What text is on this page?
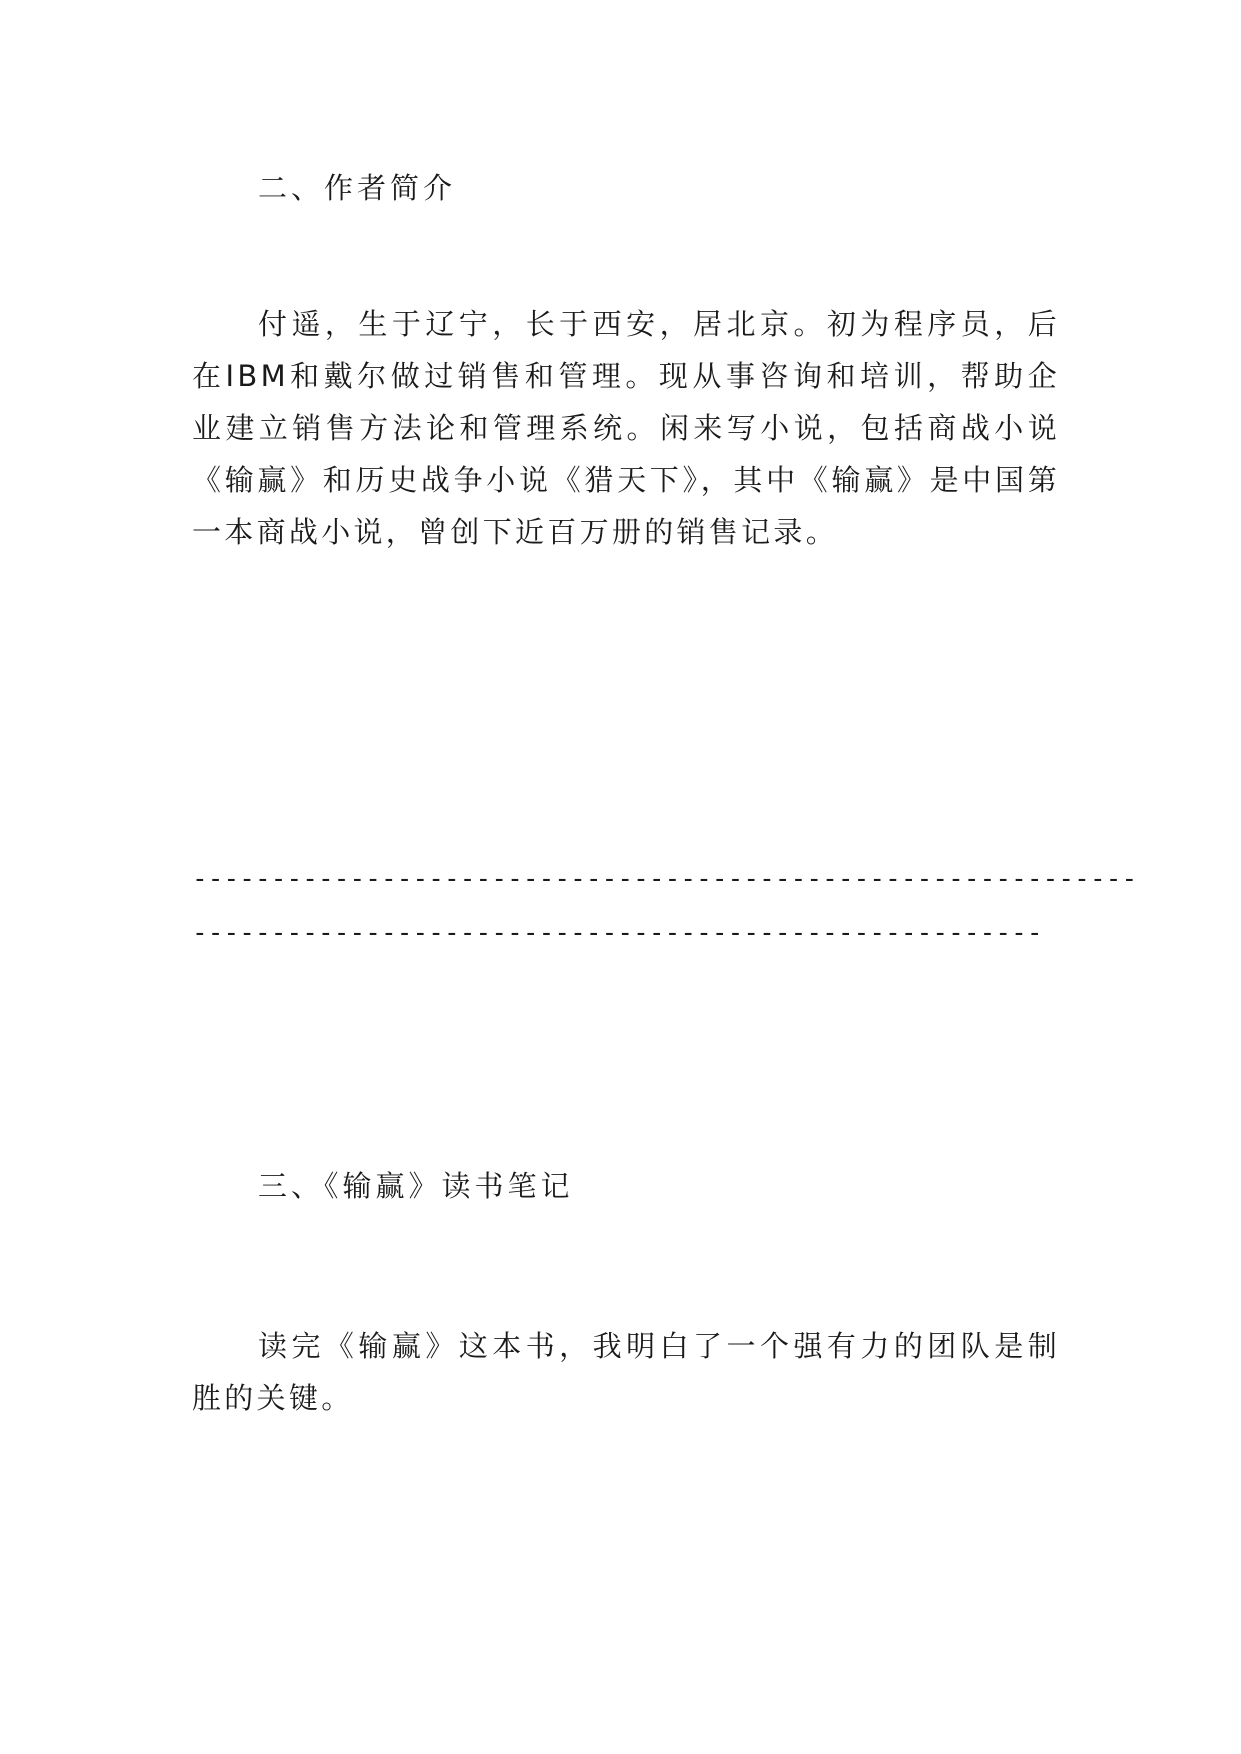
二、作者简介

付遥，生于辽宁，长于西安，居北京。初为程序员，后在IBM和戴尔做过销售和管理。现从事咨询和培训，帮助企业建立销售方法论和管理系统。闲来写小说，包括商战小说《输赢》和历史战争小说《猎天下》，其中《输赢》是中国第一本商战小说，曾创下近百万册的销售记录。

------------------------------------------------------------
------------------------------------------------------
三、《输赢》读书笔记

读完《输赢》这本书，我明白了一个强有力的团队是制胜的关键。
